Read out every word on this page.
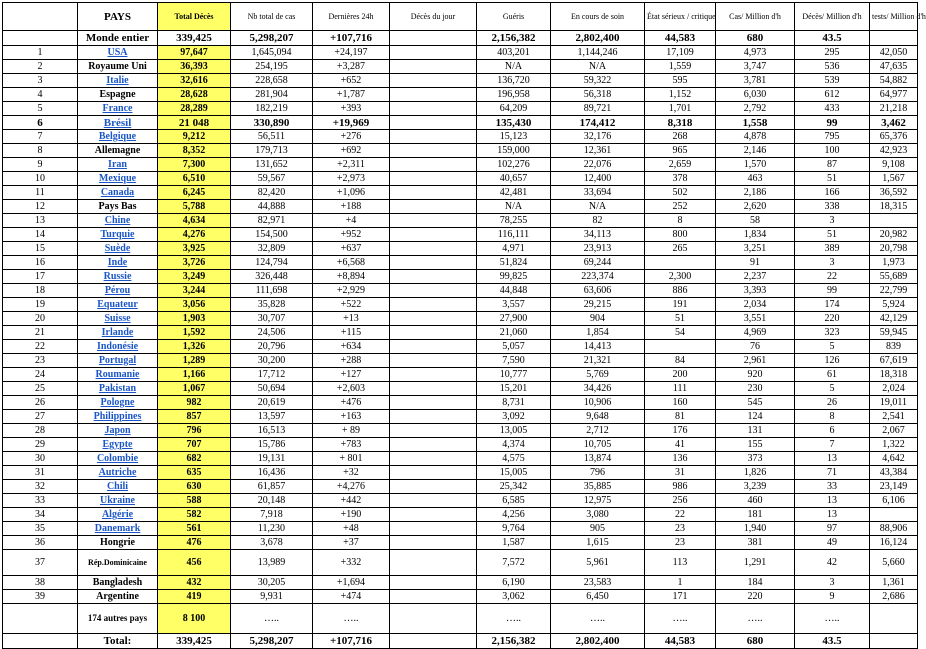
	PAYS	Total Décès	Nb total de cas	Dernières 24h	Décès du jour	Guéris	En cours de soin	État sérieux / critique	Cas/ Million d'h	Décès/ Million d'h	tests/ Million d'h
	Monde entier	339,425	5,298,207	+107,716		2,156,382	2,802,400	44,583	680	43.5	
1	USA	97,647	1,645,094	+24,197		403,201	1,144,246	17,109	4,973	295	42,050
2	Royaume Uni	36,393	254,195	+3,287		N/A	N/A	1,559	3,747	536	47,635
3	Italie	32,616	228,658	+652		136,720	59,322	595	3,781	539	54,882
4	Espagne	28,628	281,904	+1,787		196,958	56,318	1,152	6,030	612	64,977
5	France	28,289	182,219	+393		64,209	89,721	1,701	2,792	433	21,218
6	Brésil	21 048	330,890	+19,969		135,430	174,412	8,318	1,558	99	3,462
7	Belgique	9,212	56,511	+276		15,123	32,176	268	4,878	795	65,376
8	Allemagne	8,352	179,713	+692		159,000	12,361	965	2,146	100	42,923
9	Iran	7,300	131,652	+2,311		102,276	22,076	2,659	1,570	87	9,108
10	Mexique	6,510	59,567	+2,973		40,657	12,400	378	463	51	1,567
11	Canada	6,245	82,420	+1,096		42,481	33,694	502	2,186	166	36,592
12	Pays Bas	5,788	44,888	+188		N/A	N/A	252	2,620	338	18,315
13	Chine	4,634	82,971	+4		78,255	82	8	58	3	
14	Turquie	4,276	154,500	+952		116,111	34,113	800	1,834	51	20,982
15	Suède	3,925	32,809	+637		4,971	23,913	265	3,251	389	20,798
16	Inde	3,726	124,794	+6,568		51,824	69,244		91	3	1,973
17	Russie	3,249	326,448	+8,894		99,825	223,374	2,300	2,237	22	55,689
18	Pérou	3,244	111,698	+2,929		44,848	63,606	886	3,393	99	22,799
19	Equateur	3,056	35,828	+522		3,557	29,215	191	2,034	174	5,924
20	Suisse	1,903	30,707	+13		27,900	904	51	3,551	220	42,129
21	Irlande	1,592	24,506	+115		21,060	1,854	54	4,969	323	59,945
22	Indonésie	1,326	20,796	+634		5,057	14,413		76	5	839
23	Portugal	1,289	30,200	+288		7,590	21,321	84	2,961	126	67,619
24	Roumanie	1,166	17,712	+127		10,777	5,769	200	920	61	18,318
25	Pakistan	1,067	50,694	+2,603		15,201	34,426	111	230	5	2,024
26	Pologne	982	20,619	+476		8,731	10,906	160	545	26	19,011
27	Philippines	857	13,597	+163		3,092	9,648	81	124	8	2,541
28	Japon	796	16,513	+ 89		13,005	2,712	176	131	6	2,067
29	Egypte	707	15,786	+783		4,374	10,705	41	155	7	1,322
30	Colombie	682	19,131	+ 801		4,575	13,874	136	373	13	4,642
31	Autriche	635	16,436	+32		15,005	796	31	1,826	71	43,384
32	Chili	630	61,857	+4,276		25,342	35,885	986	3,239	33	23,149
33	Ukraine	588	20,148	+442		6,585	12,975	256	460	13	6,106
34	Algérie	582	7,918	+190		4,256	3,080	22	181	13	
35	Danemark	561	11,230	+48		9,764	905	23	1,940	97	88,906
36	Hongrie	476	3,678	+37		1,587	1,615	23	381	49	16,124
37	Rép.Dominicaine	456	13,989	+332		7,572	5,961	113	1,291	42	5,660
38	Bangladesh	432	30,205	+1,694		6,190	23,583	1	184	3	1,361
39	Argentine	419	9,931	+474		3,062	6,450	171	220	9	2,686
	174 autres pays	8 100	…..	…..		…..	…..	…..	…..	…..	
	Total:	339,425	5,298,207	+107,716		2,156,382	2,802,400	44,583	680	43.5	
